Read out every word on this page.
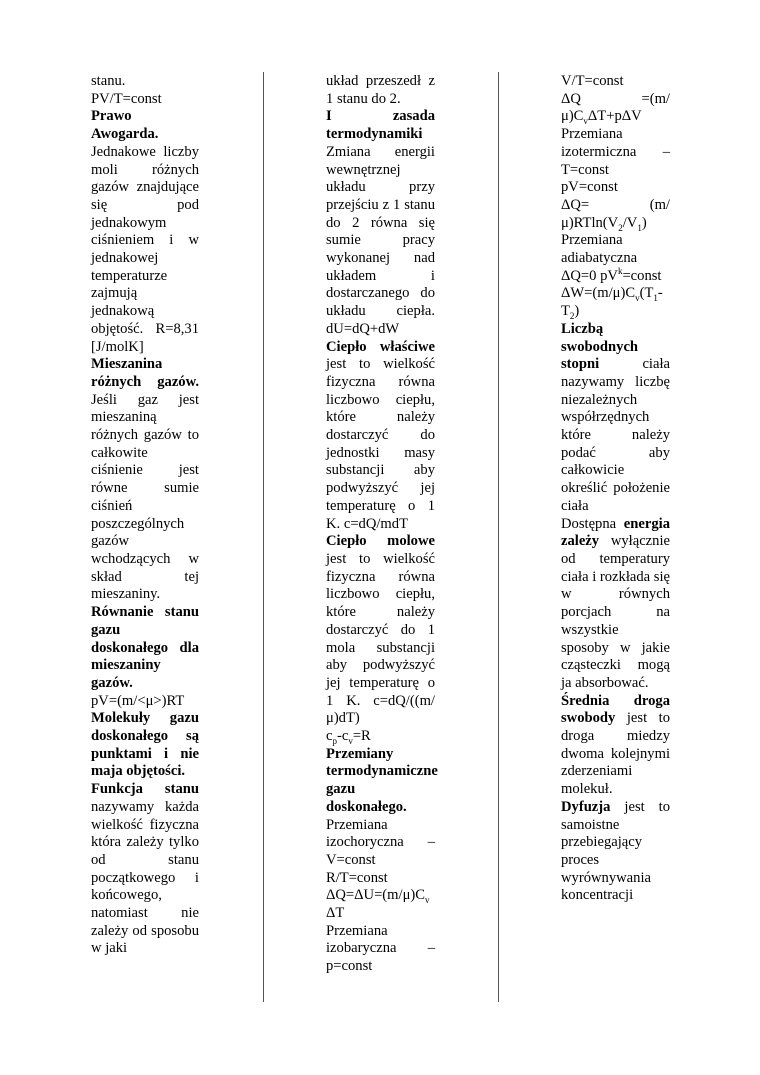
stanu.

PV/T=const

Prawo Awogarda. Jednakowe liczby moli różnych gazów znajdujące się pod jednakowym ciśnieniem i w jednakowej temperaturze zajmują jednakową objętość. R=8,31 [J/molK]

Mieszanina różnych gazów. Jeśli gaz jest mieszaniną różnych gazów to całkowite ciśnienie jest równe sumie ciśnień poszczególnych gazów wchodzących w skład tej mieszaniny.

Równanie stanu gazu doskonałego dla mieszaniny gazów.

pV=(m/<μ>)RT

Molekuły gazu doskonałego są punktami i nie maja objętości.

Funkcja stanu nazywamy każda wielkość fizyczna która zależy tylko od stanu początkowego i końcowego, natomiast nie zależy od sposobu w jaki

układ przeszedł z 1 stanu do 2.

I zasada termodynamiki

Zmiana energii wewnętrznej układu przy przejściu z 1 stanu do 2 równa się sumie pracy wykonanej nad układem i dostarczanego do układu ciepła. dU=dQ+dW

Ciepło właściwe jest to wielkość fizyczna równa liczbowo ciepłu, które należy dostarczyć do jednostki masy substancji aby podwyższyć jej temperaturę o 1 K. c=dQ/mdT

Ciepło molowe jest to wielkość fizyczna równa liczbowo ciepłu, które należy dostarczyć do 1 mola substancji aby podwyższyć jej temperaturę o 1 K. c=dQ/((m/μ)dT)

$c_p-c_v=R$

Przemiany termodynamiczne gazu doskonałego.

Przemiana izochoryczna – V=const

R/T=const

$\Delta Q=\Delta U=(m/\mu)C_v$ ΔT

Przemiana izobaryczna – p=const

V/T=const

$\Delta Q =(m/\mu)C_v\Delta T+p\Delta V$

Przemiana izotermiczna – T=const

pV=const

$\Delta Q= (m/\mu)RTln(V_2/V_1)$

Przemiana adiabatyczna

ΔQ=0 $pV^k=const$

$\Delta W=(m/\mu)C_v(T_1-T_2)$

Liczbą swobodnych stopni ciała nazywamy liczbę niezależnych współrzędnych które należy podać aby całkowicie określić położenie ciała

Dostępna energia zależy wyłącznie od temperatury ciała i rozkłada się w równych porcjach na wszystkie sposoby w jakie cząsteczki mogą ja absorbować.

Średnia droga swobody jest to droga miedzy dwoma kolejnymi zderzeniami molekuł.

Dyfuzja jest to samoistne przebiegający proces wyrównywania koncentracji
